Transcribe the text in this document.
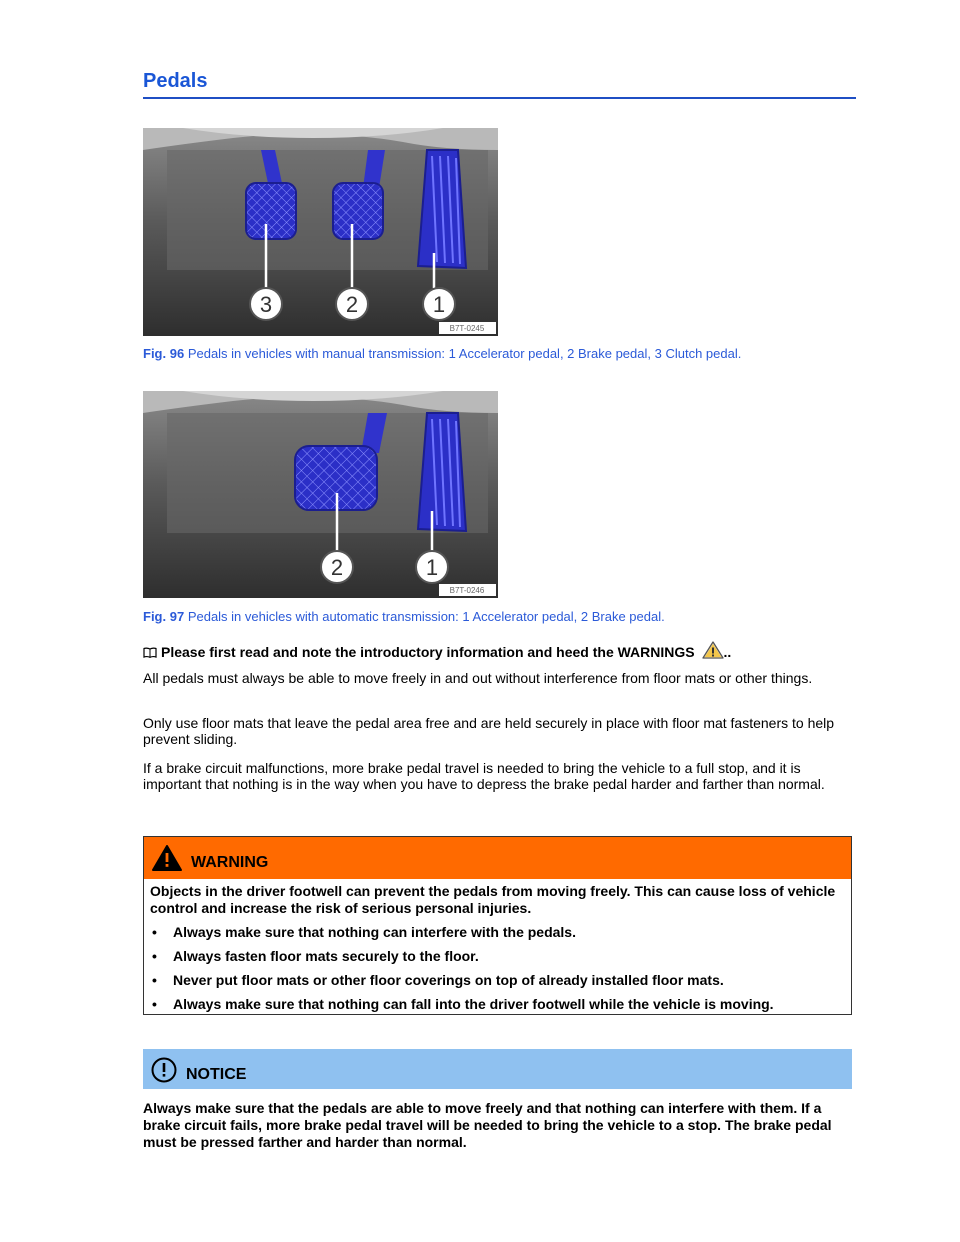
Pedals
3	2	1
B7T-0245
Fig. 96 Pedals in vehicles with manual transmission: 1 Accelerator pedal, 2 Brake pedal, 3 Clutch pedal.
2	1
B7T-0246
Fig. 97 Pedals in vehicles with automatic transmission: 1 Accelerator pedal, 2 Brake pedal.
Please first read and note the introductory information and heed the WARNINGS ..

All pedals must always be able to move freely in and out without interference from floor mats or other things.

Only use floor mats that leave the pedal area free and are held securely in place with floor mat fasteners to help prevent sliding.

If a brake circuit malfunctions, more brake pedal travel is needed to bring the vehicle to a full stop, and it is important that nothing is in the way when you have to depress the brake pedal harder and farther than normal.

WARNING

Objects in the driver footwell can prevent the pedals from moving freely. This can cause loss of vehicle control and increase the risk of serious personal injuries.

• Always make sure that nothing can interfere with the pedals.
• Always fasten floor mats securely to the floor.
• Never put floor mats or other floor coverings on top of already installed floor mats.
• Always make sure that nothing can fall into the driver footwell while the vehicle is moving.
NOTICE

Always make sure that the pedals are able to move freely and that nothing can interfere with them. If a brake circuit fails, more brake pedal travel will be needed to bring the vehicle to a stop. The brake pedal must be pressed farther and harder than normal.
